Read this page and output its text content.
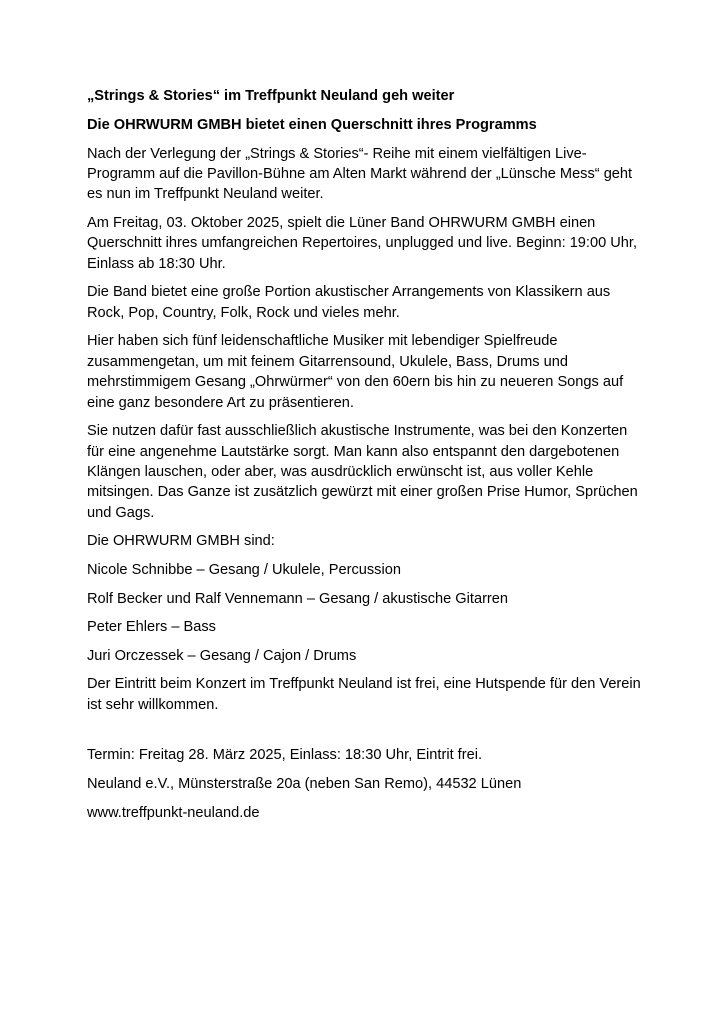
„Strings & Stories“ im Treffpunkt Neuland geh weiter

Die OHRWURM GMBH bietet einen Querschnitt ihres Programms

Nach der Verlegung der „Strings & Stories“- Reihe mit einem vielfältigen Live-Programm auf die Pavillon-Bühne am Alten Markt während der „Lünsche Mess“ geht es nun im Treffpunkt Neuland weiter.

Am Freitag, 03. Oktober 2025, spielt die Lüner Band OHRWURM GMBH einen Querschnitt ihres umfangreichen Repertoires, unplugged und live. Beginn: 19:00 Uhr, Einlass ab 18:30 Uhr.

Die Band bietet eine große Portion akustischer Arrangements von Klassikern aus Rock, Pop, Country, Folk, Rock und vieles mehr.

Hier haben sich fünf leidenschaftliche Musiker mit lebendiger Spielfreude zusammengetan, um mit feinem Gitarrensound, Ukulele, Bass, Drums und mehrstimmigem Gesang „Ohrwürmer“ von den 60ern bis hin zu neueren Songs auf eine ganz besondere Art zu präsentieren.

Sie nutzen dafür fast ausschließlich akustische Instrumente, was bei den Konzerten für eine angenehme Lautstärke sorgt. Man kann also entspannt den dargebotenen Klängen lauschen, oder aber, was ausdrücklich erwünscht ist, aus voller Kehle mitsingen. Das Ganze ist zusätzlich gewürzt mit einer großen Prise Humor, Sprüchen und Gags.

Die OHRWURM GMBH sind:

Nicole Schnibbe – Gesang / Ukulele, Percussion

Rolf Becker und Ralf Vennemann – Gesang / akustische Gitarren

Peter Ehlers – Bass

Juri Orczessek – Gesang / Cajon / Drums

Der Eintritt beim Konzert im Treffpunkt Neuland ist frei, eine Hutspende für den Verein ist sehr willkommen.

Termin: Freitag 28. März 2025, Einlass: 18:30 Uhr, Eintrit frei.

Neuland e.V., Münsterstraße 20a (neben San Remo), 44532 Lünen

www.treffpunkt-neuland.de
